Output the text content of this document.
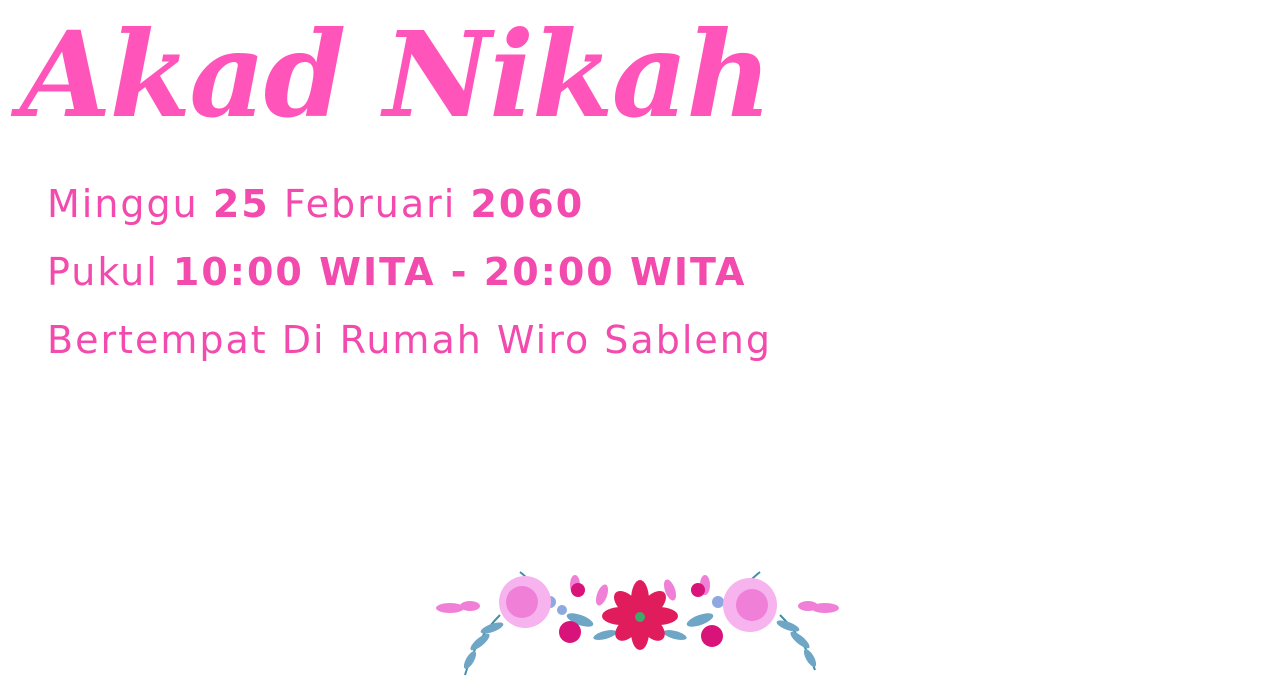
Akad Nikah
Minggu 25 Februari 2060
Pukul 10:00 WITA - 20:00 WITA
Bertempat Di Rumah Wiro Sableng
